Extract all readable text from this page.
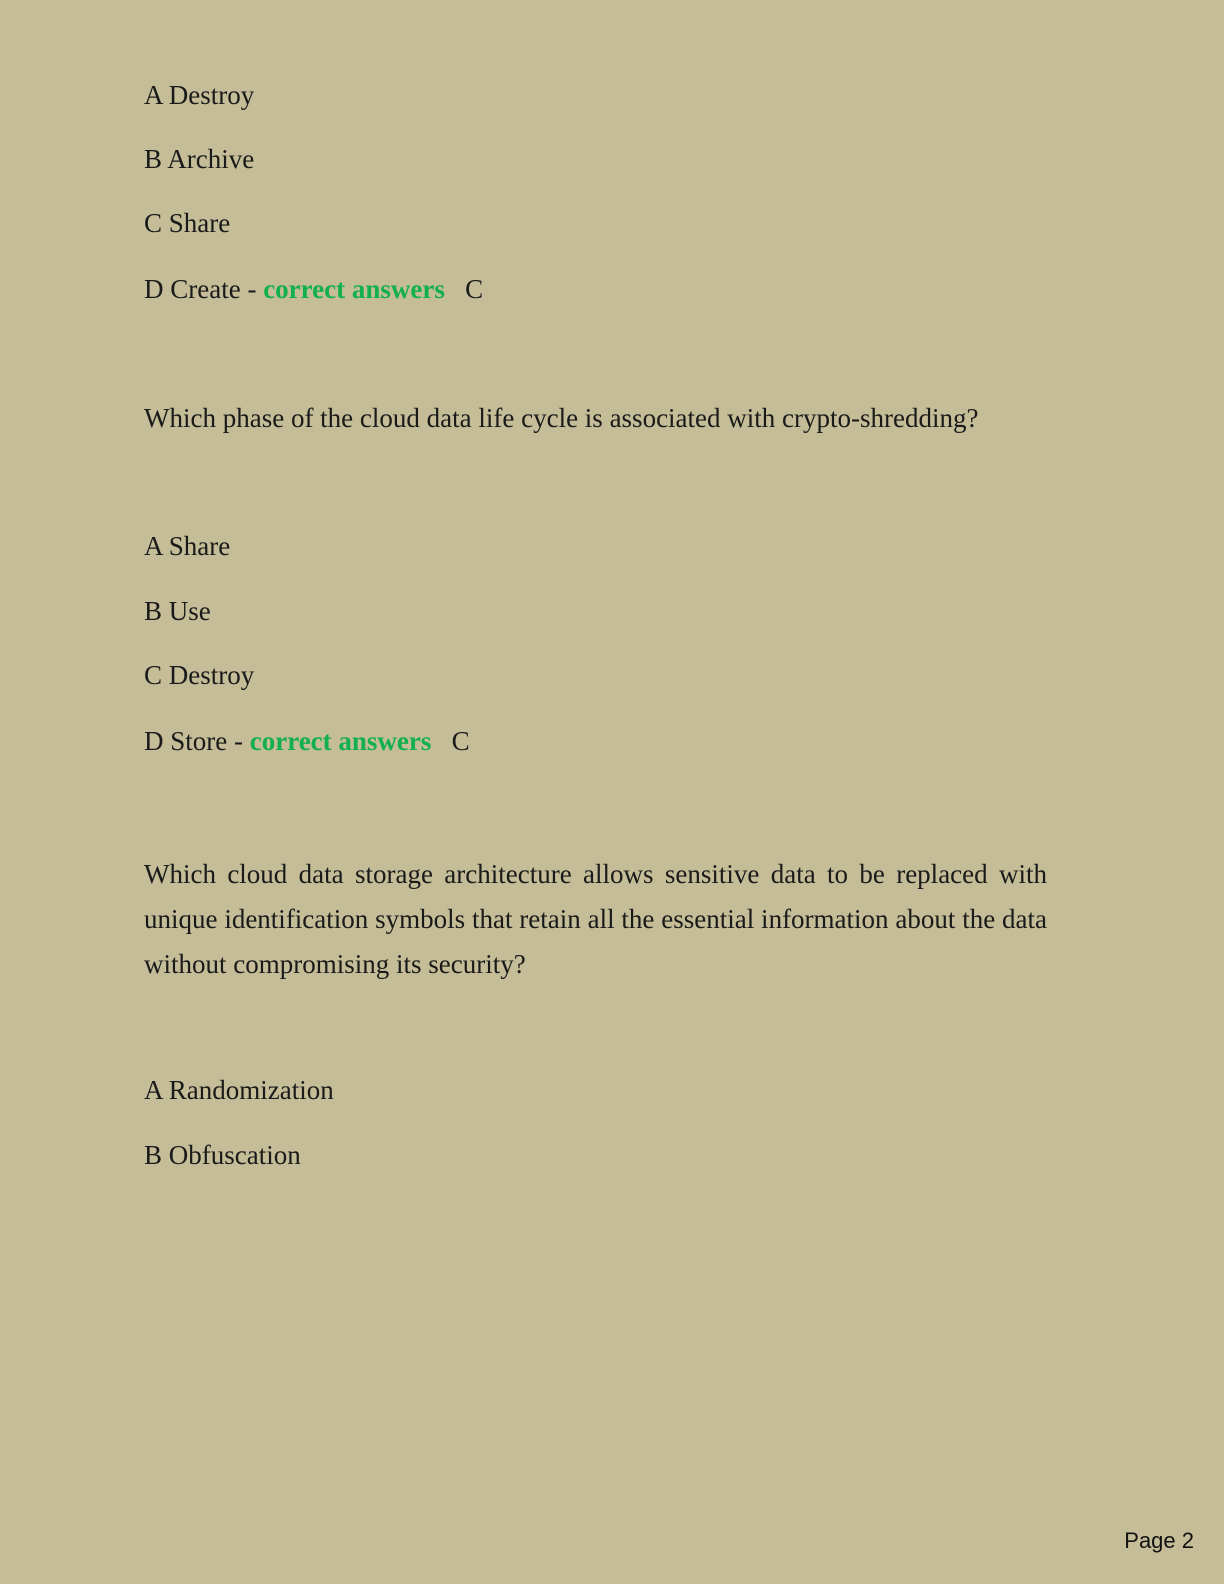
A Destroy

B Archive

C Share

D Create - correct answers C

Which phase of the cloud data life cycle is associated with crypto-shredding?

A Share

B Use

C Destroy

D Store - correct answers C

Which cloud data storage architecture allows sensitive data to be replaced with unique identification symbols that retain all the essential information about the data without compromising its security?

A Randomization

B Obfuscation

Page 2
